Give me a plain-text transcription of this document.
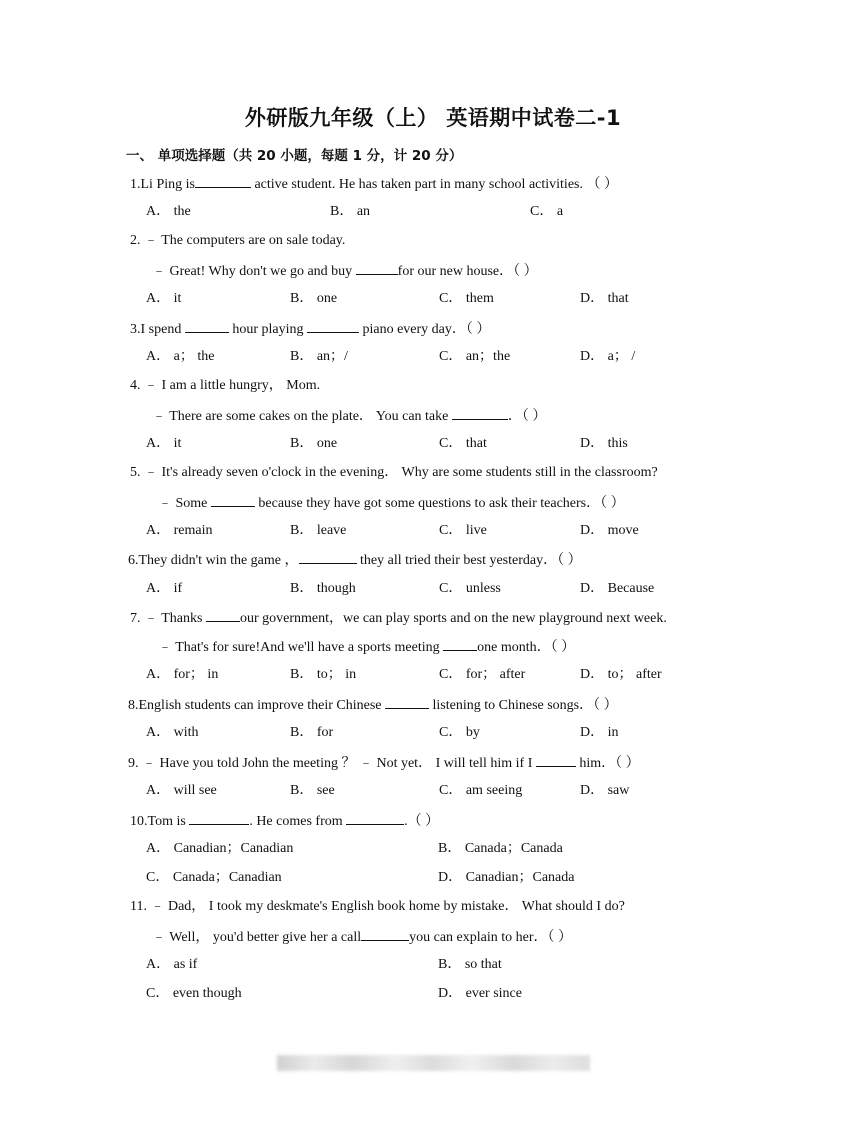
外研版九年级（上） 英语期中试卷二-1
一、 单项选择题（共 20 小题，每题 1 分，计 20 分）
1.Li Ping is	active student. He has taken part in many school activities. （ ）
A． the	B． an	C． a
2. ﹣ The computers are on sale today.
﹣ Great! Why don't we go and buy	for our new house．（ ）
A． it	B． one	C． them	D． that
3.I spend	hour playing	piano every day．（ ）
A． a； the	B． an；/	C． an；the	D． a； /
4. ﹣ I am a little hungry， Mom.
﹣ There are some cakes on the plate． You can take	．（ ）
A． it	B． one	C． that	D． this
5. ﹣ It's already seven o'clock in the evening． Why are some students still in the classroom?
﹣ Some	because they have got some questions to ask their teachers．（ ）
A． remain	B． leave	C． live	D． move
6.They didn't win the game ，	they all tried their best yesterday．（ ）
A． if	B． though	C． unless	D． Because
7. ﹣ Thanks our government，we can play sports and on the new playground next week.
﹣ That's for sure!And we'll have a sports meeting one month．（ ）
A． for； in	B． to； in	C． for； after	D． to； after
8.English students can improve their Chinese	listening to Chinese songs．（ ）
A． with	B． for	C． by	D． in
9. ﹣ Have you told John the meeting ？ ﹣ Not yet． I will tell him if I	him．（ ）
A． will see	B． see	C． am seeing	D． saw
10.Tom is	. He comes from	.（ ）
A． Canadian；Canadian	B． Canada；Canada
C． Canada；Canadian	D． Canadian；Canada
11. ﹣ Dad， I took my deskmate's English book home by mistake． What should I do?
﹣ Well， you'd better give her a call	you can explain to her．（ ）
A． as if	B． so that
C． even though	D． ever since
